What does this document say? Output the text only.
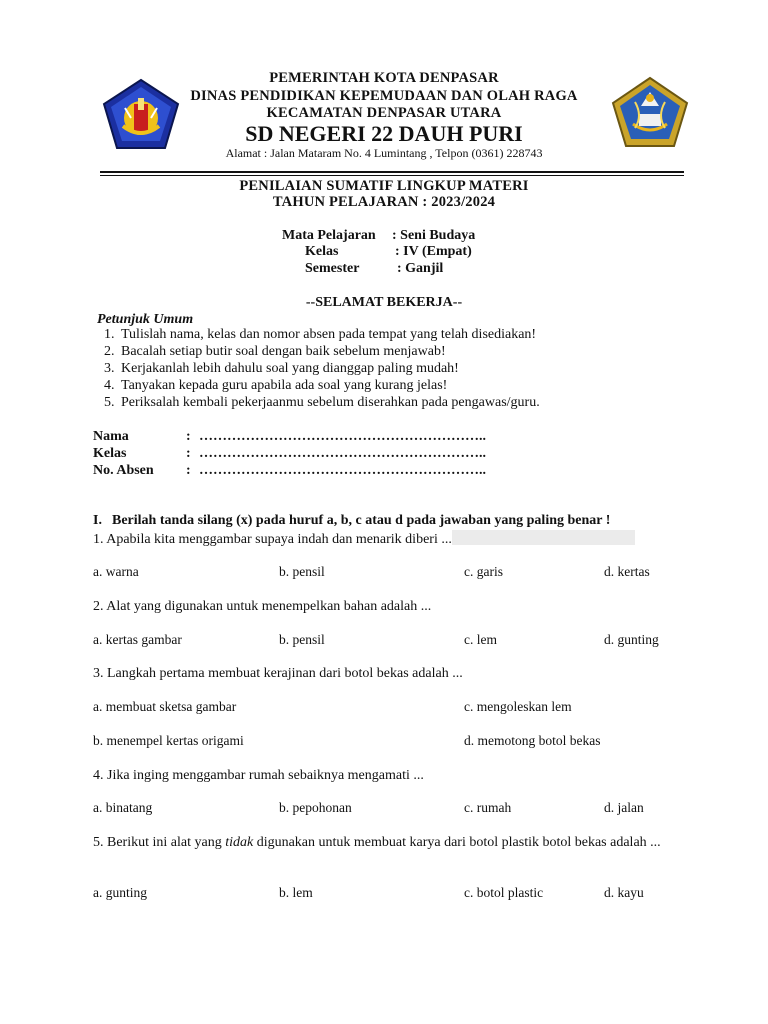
PEMERINTAH KOTA DENPASAR
DINAS PENDIDIKAN KEPEMUDAAN DAN OLAH RAGA
KECAMATAN DENPASAR UTARA
SD NEGERI 22 DAUH PURI
Alamat : Jalan Mataram No. 4 Lumintang , Telpon (0361) 228743
PENILAIAN SUMATIF LINGKUP MATERI
TAHUN PELAJARAN : 2023/2024
Mata Pelajaran : Seni Budaya
Kelas	: IV (Empat)
Semester	: Ganjil
--SELAMAT BEKERJA--
Petunjuk Umum
1. Tulislah nama, kelas dan nomor absen pada tempat yang telah disediakan!
2. Bacalah setiap butir soal dengan baik sebelum menjawab!
3. Kerjakanlah lebih dahulu soal yang dianggap paling mudah!
4. Tanyakan kepada guru apabila ada soal yang kurang jelas!
5. Periksalah kembali pekerjaanmu sebelum diserahkan pada pengawas/guru.
Nama	: ……………………………………………………..
Kelas	: ……………………………………………………..
No. Absen : ……………………………………………………..
I. Berilah tanda silang (x) pada huruf a, b, c atau d pada jawaban yang paling benar !
1. Apabila kita menggambar supaya indah dan menarik diberi ...
a. warna	b. pensil	c. garis	d. kertas
2. Alat yang digunakan untuk menempelkan bahan adalah ...
a. kertas gambar	b. pensil	c. lem	d. gunting
3. Langkah pertama membuat kerajinan dari botol bekas adalah ...
a. membuat sketsa gambar	c. mengoleskan lem
b. menempel kertas origami	d. memotong botol bekas
4. Jika inging menggambar rumah sebaiknya mengamati ...
a. binatang	b. pepohonan	c. rumah	d. jalan
5. Berikut ini alat yang tidak digunakan untuk membuat karya dari botol plastik botol bekas adalah ...
a. gunting	b. lem	c. botol plastic	d. kayu
